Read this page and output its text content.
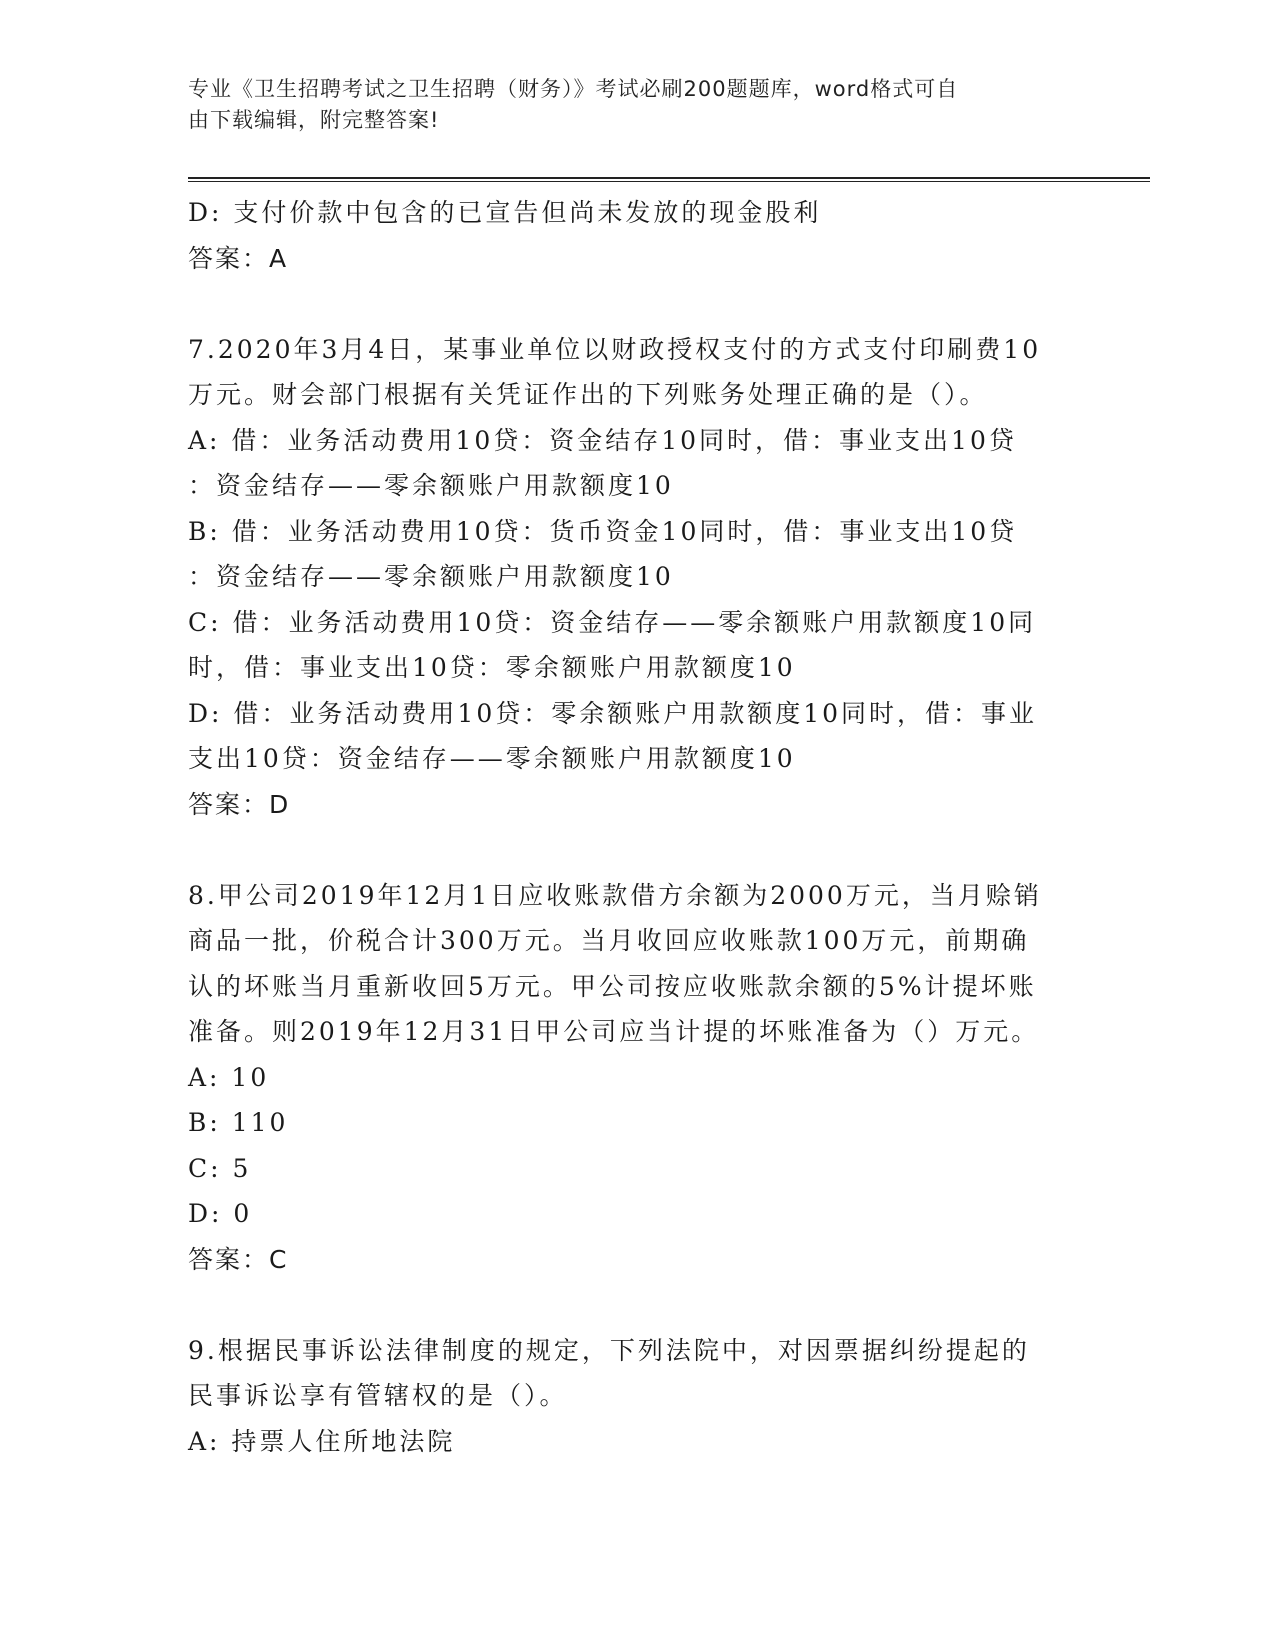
专业《卫生招聘考试之卫生招聘（财务）》考试必刷200题题库，word格式可自
由下载编辑，附完整答案!
D: 支付价款中包含的已宣告但尚未发放的现金股利
答案：A
7.2020年3月4日，某事业单位以财政授权支付的方式支付印刷费10
万元。财会部门根据有关凭证作出的下列账务处理正确的是（）。
A: 借：业务活动费用10贷：资金结存10同时，借：事业支出10贷
：资金结存——零余额账户用款额度10
B: 借：业务活动费用10贷：货币资金10同时，借：事业支出10贷
：资金结存——零余额账户用款额度10
C: 借：业务活动费用10贷：资金结存——零余额账户用款额度10同
时，借：事业支出10贷：零余额账户用款额度10
D: 借：业务活动费用10贷：零余额账户用款额度10同时，借：事业
支出10贷：资金结存——零余额账户用款额度10
答案：D
8.甲公司2019年12月1日应收账款借方余额为2000万元，当月赊销
商品一批，价税合计300万元。当月收回应收账款100万元，前期确
认的坏账当月重新收回5万元。甲公司按应收账款余额的5%计提坏账
准备。则2019年12月31日甲公司应当计提的坏账准备为（）万元。
A: 10
B: 110
C: 5
D: 0
答案：C
9.根据民事诉讼法律制度的规定，下列法院中，对因票据纠纷提起的
民事诉讼享有管辖权的是（）。
A: 持票人住所地法院
